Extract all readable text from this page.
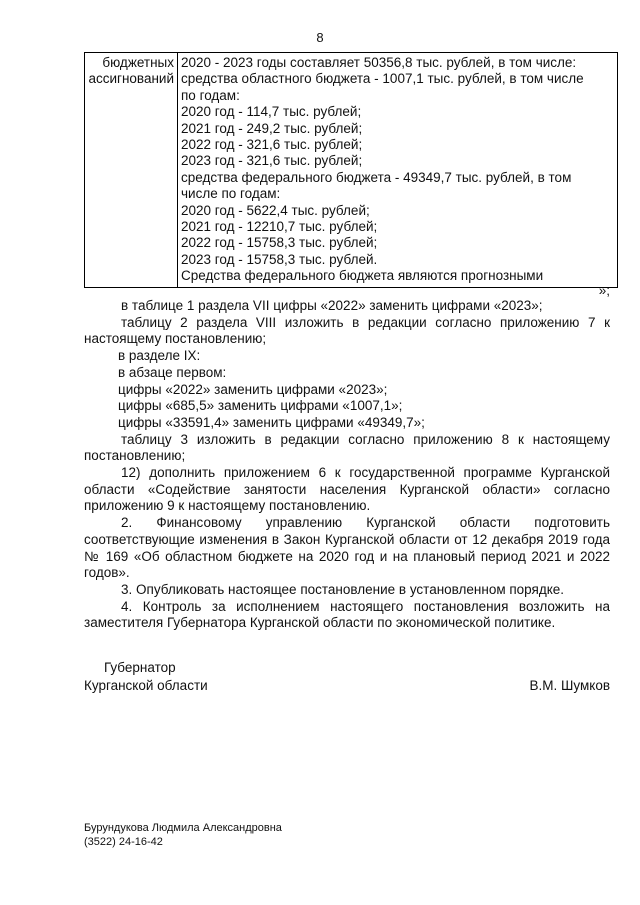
8
бюджетных
ассигнований

2020 - 2023 годы составляет 50356,8 тыс. рублей, в том числе:
средства областного бюджета - 1007,1 тыс. рублей, в том числе
по годам:
2020 год - 114,7 тыс. рублей;
2021 год - 249,2 тыс. рублей;
2022 год - 321,6 тыс. рублей;
2023 год - 321,6 тыс. рублей;
средства федерального бюджета - 49349,7 тыс. рублей, в том
числе по годам:
2020 год - 5622,4 тыс. рублей;
2021 год - 12210,7 тыс. рублей;
2022 год - 15758,3 тыс. рублей;
2023 год - 15758,3 тыс. рублей.
Средства федерального бюджета являются прогнозными
»;

в таблице 1 раздела VII цифры «2022» заменить цифрами «2023»;

таблицу 2 раздела VIII изложить в редакции согласно приложению 7 к настоящему постановлению;

в разделе IX:

в абзаце первом:

цифры «2022» заменить цифрами «2023»;

цифры «685,5» заменить цифрами «1007,1»;

цифры «33591,4» заменить цифрами «49349,7»;

таблицу 3 изложить в редакции согласно приложению 8 к настоящему постановлению;

12) дополнить приложением 6 к государственной программе Курганской области «Содействие занятости населения Курганской области» согласно приложению 9 к настоящему постановлению.

2. Финансовому управлению Курганской области подготовить соответствующие изменения в Закон Курганской области от 12 декабря 2019 года № 169 «Об областном бюджете на 2020 год и на плановый период 2021 и 2022 годов».

3. Опубликовать настоящее постановление в установленном порядке.

4. Контроль за исполнением настоящего постановления возложить на заместителя Губернатора Курганской области по экономической политике.

Губернатор
Курганской области	В.М. Шумков
Бурундукова Людмила Александровна
(3522) 24-16-42
